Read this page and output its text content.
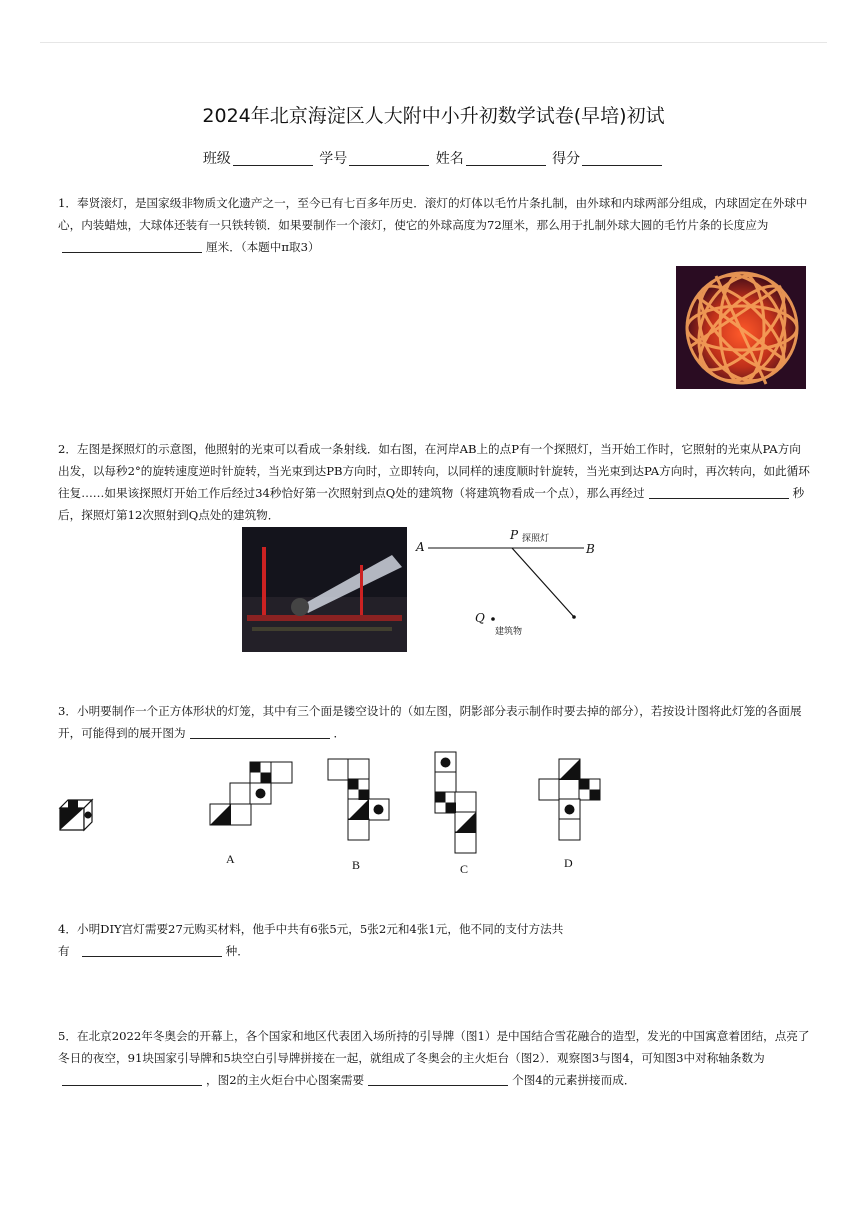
2024年北京海淀区人大附中小升初数学试卷(早培)初试
班级	学号	姓名	得分
1．奉贤滚灯，是国家级非物质文化遗产之一，至今已有七百多年历史．滚灯的灯体以毛竹片条扎制，由外球和内球两部分组成，内球固定在外球中心，内装蜡烛，大球体还装有一只铁转锁．如果要制作一个滚灯，使它的外球高度为72厘米，那么用于扎制外球大圆的毛竹片条的长度应为厘米．（本题中π取3）
2．左图是探照灯的示意图，他照射的光束可以看成一条射线．如右图，在河岸AB上的点P有一个探照灯，当开始工作时，它照射的光束从PA方向出发，以每秒2°的旋转速度逆时针旋转，当光束到达PB方向时，立即转向，以同样的速度顺时针旋转，当光束到达PA方向时，再次转向，如此循环往复……如果该探照灯开始工作后经过34秒恰好第一次照射到点Q处的建筑物（将建筑物看成一个点），那么再经过	秒后，探照灯第12次照射到Q点处的建筑物．
A	B
P 探照灯
Q
建筑物
3．小明要制作一个正方体形状的灯笼，其中有三个面是镂空设计的（如左图，阴影部分表示制作时要去掉的部分），若按设计图将此灯笼的各面展开，可能得到的展开图为	．
A	B	C	D
4．小明DIY宫灯需要27元购买材料，他手中共有6张5元，5张2元和4张1元，他不同的支付方法共
有	种．
5．在北京2022年冬奥会的开幕上，各个国家和地区代表团入场所持的引导牌（图1）是中国结合雪花融合的造型，发光的中国寓意着团结，点亮了冬日的夜空，91块国家引导牌和5块空白引导牌拼接在一起，就组成了冬奥会的主火炬台（图2）．观察图3与图4，可知图3中对称轴条数为，图2的主火炬台中心图案需要	个图4的元素拼接而成．
